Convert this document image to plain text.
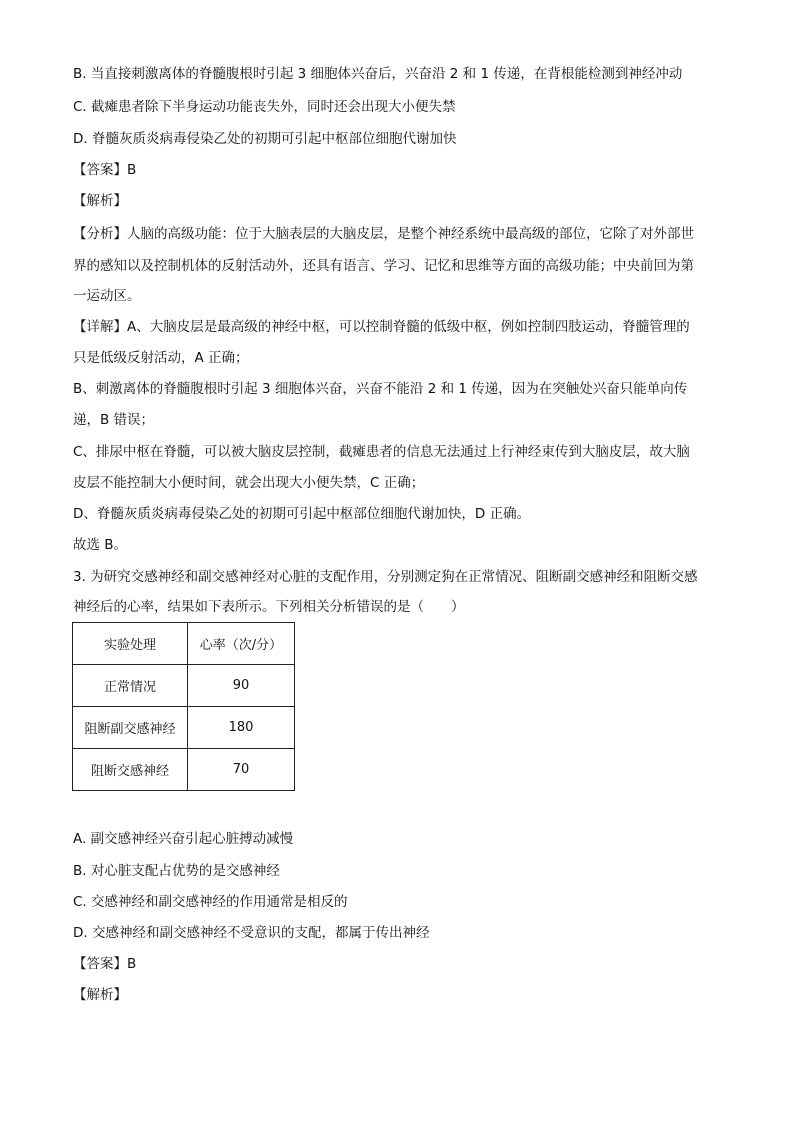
B. 当直接刺激离体的脊髓腹根时引起 3 细胞体兴奋后，兴奋沿 2 和 1 传递，在背根能检测到神经冲动
C. 截瘫患者除下半身运动功能丧失外，同时还会出现大小便失禁
D. 脊髓灰质炎病毒侵染乙处的初期可引起中枢部位细胞代谢加快
【答案】B
【解析】
【分析】人脑的高级功能：位于大脑表层的大脑皮层，是整个神经系统中最高级的部位，它除了对外部世
界的感知以及控制机体的反射活动外，还具有语言、学习、记忆和思维等方面的高级功能；中央前回为第
一运动区。
【详解】A、大脑皮层是最高级的神经中枢，可以控制脊髓的低级中枢，例如控制四肢运动，脊髓管理的
只是低级反射活动，A 正确；
B、刺激离体的脊髓腹根时引起 3 细胞体兴奋，兴奋不能沿 2 和 1 传递，因为在突触处兴奋只能单向传
递，B 错误；
C、排尿中枢在脊髓，可以被大脑皮层控制，截瘫患者的信息无法通过上行神经束传到大脑皮层，故大脑
皮层不能控制大小便时间，就会出现大小便失禁，C 正确；
D、脊髓灰质炎病毒侵染乙处的初期可引起中枢部位细胞代谢加快，D 正确。
故选 B。
3. 为研究交感神经和副交感神经对心脏的支配作用，分别测定狗在正常情况、阻断副交感神经和阻断交感
神经后的心率，结果如下表所示。下列相关分析错误的是（　　）
实验处理	心率（次/分）
正常情况	90
阻断副交感神经	180
阻断交感神经	70
A. 副交感神经兴奋引起心脏搏动减慢
B. 对心脏支配占优势的是交感神经
C. 交感神经和副交感神经的作用通常是相反的
D. 交感神经和副交感神经不受意识的支配，都属于传出神经
【答案】B
【解析】
